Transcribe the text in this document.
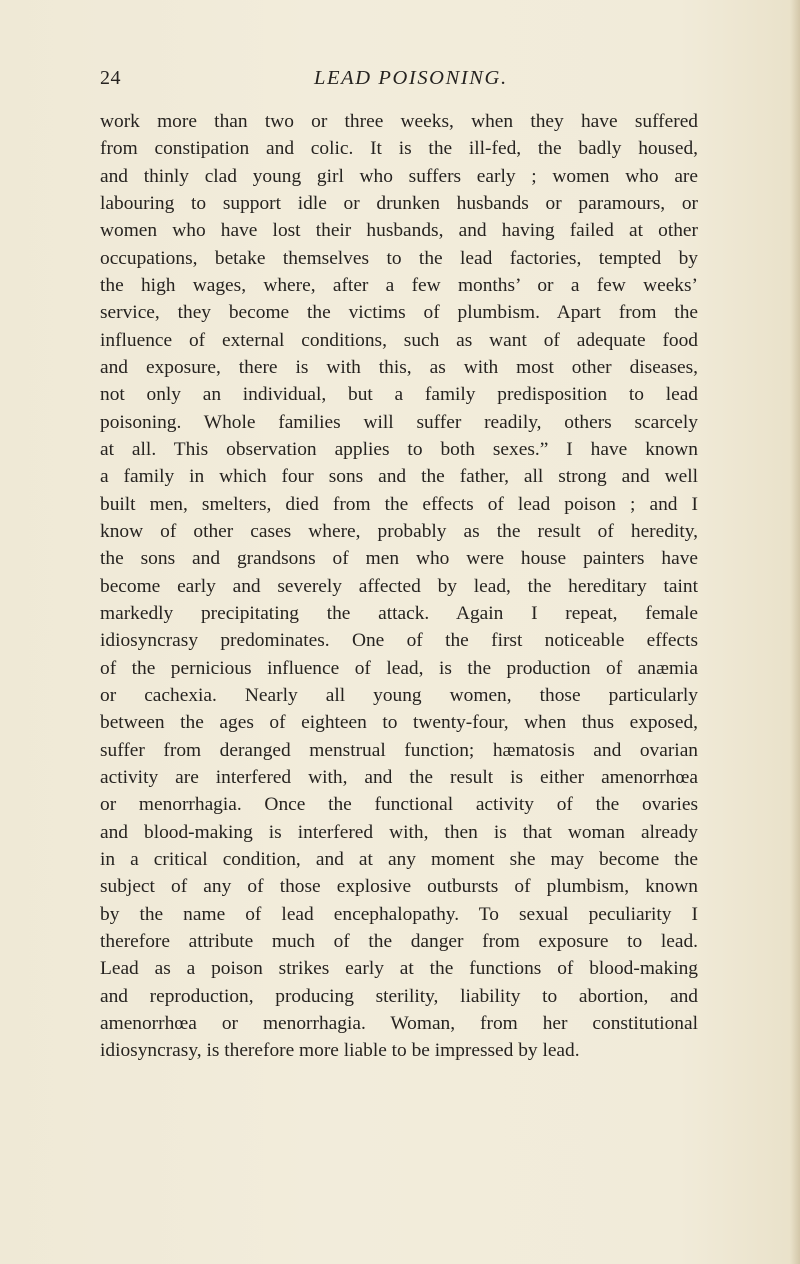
24	LEAD POISONING.
work more than two or three weeks, when they have suffered
from constipation and colic. It is the ill-fed, the badly housed,
and thinly clad young girl who suffers early ; women who are
labouring to support idle or drunken husbands or paramours, or
women who have lost their husbands, and having failed at other
occupations, betake themselves to the lead factories, tempted by
the high wages, where, after a few months’ or a few weeks’
service, they become the victims of plumbism. Apart from the
influence of external conditions, such as want of adequate food
and exposure, there is with this, as with most other diseases,
not only an individual, but a family predisposition to lead
poisoning. Whole families will suffer readily, others scarcely
at all. This observation applies to both sexes.” I have known
a family in which four sons and the father, all strong and well
built men, smelters, died from the effects of lead poison ; and I
know of other cases where, probably as the result of heredity,
the sons and grandsons of men who were house painters have
become early and severely affected by lead, the hereditary taint
markedly precipitating the attack. Again I repeat, female
idiosyncrasy predominates. One of the first noticeable effects
of the pernicious influence of lead, is the production of anæmia
or cachexia. Nearly all young women, those particularly
between the ages of eighteen to twenty-four, when thus exposed,
suffer from deranged menstrual function; hæmatosis and ovarian
activity are interfered with, and the result is either amenorrhœa
or menorrhagia. Once the functional activity of the ovaries
and blood-making is interfered with, then is that woman already
in a critical condition, and at any moment she may become the
subject of any of those explosive outbursts of plumbism, known
by the name of lead encephalopathy. To sexual peculiarity I
therefore attribute much of the danger from exposure to lead.
Lead as a poison strikes early at the functions of blood-making
and reproduction, producing sterility, liability to abortion, and
amenorrhœa or menorrhagia. Woman, from her constitutional
idiosyncrasy, is therefore more liable to be impressed by lead.
